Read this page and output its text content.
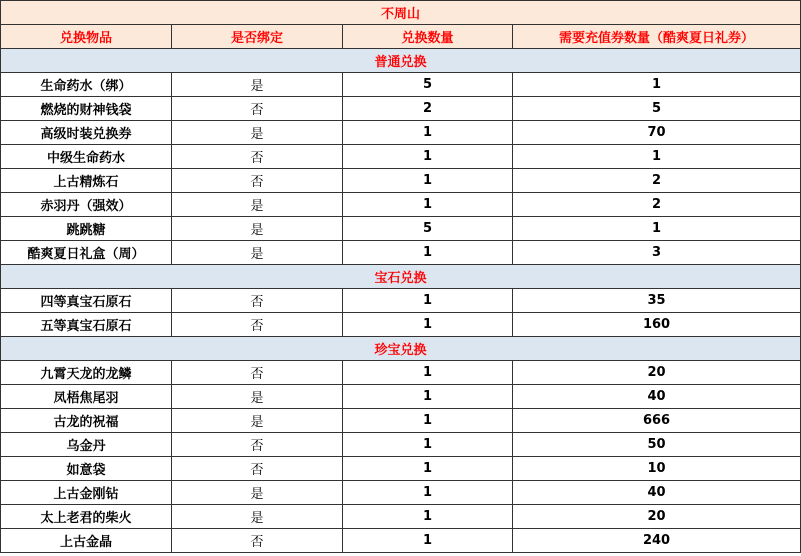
不周山			
兑换物品	是否绑定	兑换数量	需要充值券数量（酷爽夏日礼券）
普通兑换			
生命药水（绑）	是	5	1
燃烧的财神钱袋	否	2	5
高级时装兑换券	是	1	70
中级生命药水	否	1	1
上古精炼石	否	1	2
赤羽丹（强效）	是	1	2
跳跳糖	是	5	1
酷爽夏日礼盒（周）	是	1	3
宝石兑换			
四等真宝石原石	否	1	35
五等真宝石原石	否	1	160
珍宝兑换			
九霄天龙的龙鳞	否	1	20
凤梧焦尾羽	是	1	40
古龙的祝福	是	1	666
乌金丹	否	1	50
如意袋	否	1	10
上古金刚钻	是	1	40
太上老君的柴火	是	1	20
上古金晶	否	1	240
